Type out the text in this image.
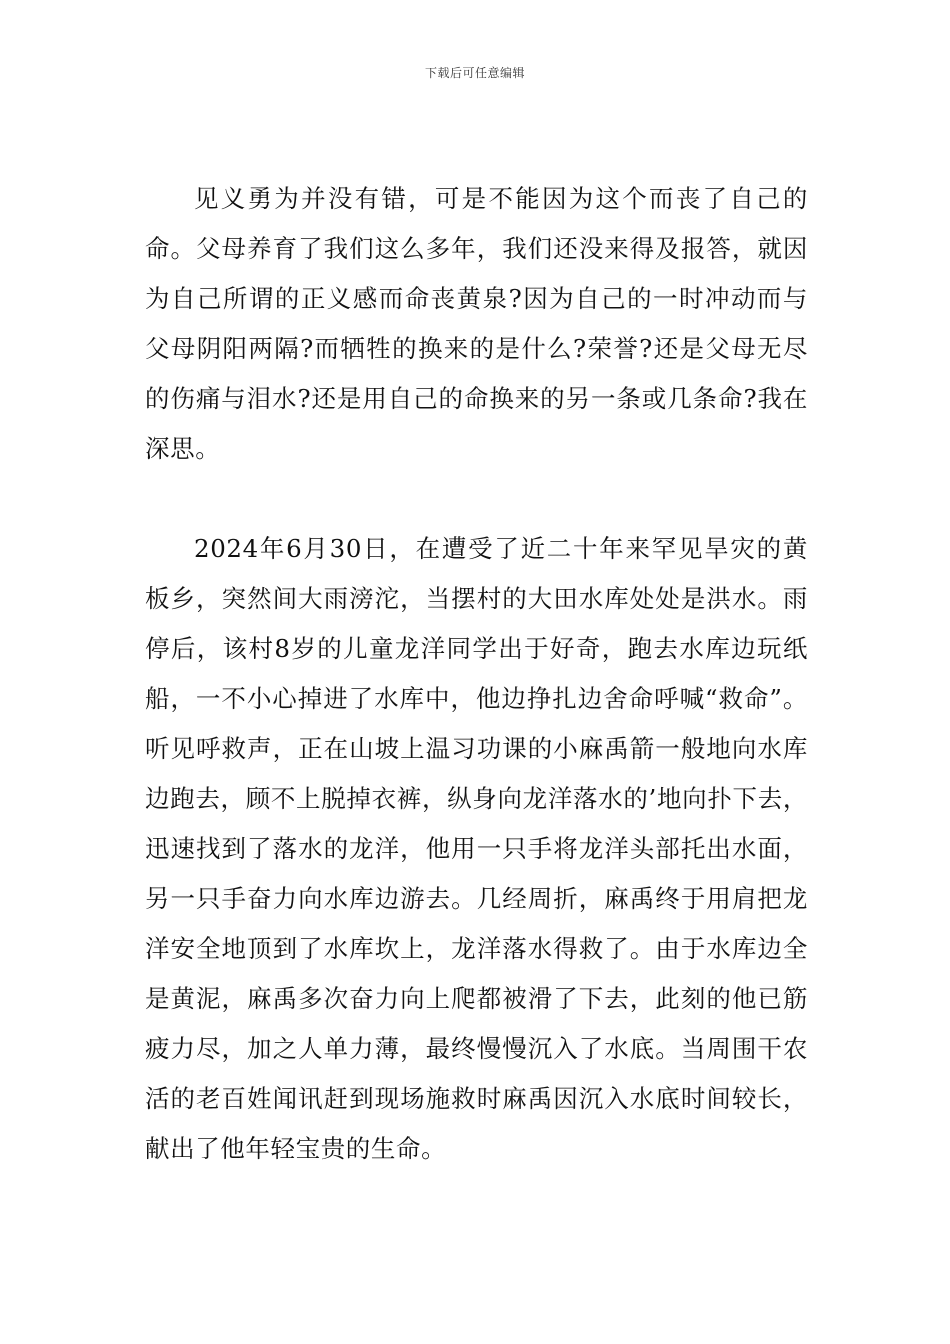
下载后可任意编辑

见义勇为并没有错，可是不能因为这个而丧了自己的命。父母养育了我们这么多年，我们还没来得及报答，就因为自己所谓的正义感而命丧黄泉?因为自己的一时冲动而与父母阴阳两隔?而牺牲的换来的是什么?荣誉?还是父母无尽的伤痛与泪水?还是用自己的命换来的另一条或几条命?我在深思。

2024年6月30日，在遭受了近二十年来罕见旱灾的黄板乡，突然间大雨滂沱，当摆村的大田水库处处是洪水。雨停后，该村8岁的儿童龙洋同学出于好奇，跑去水库边玩纸船，一不小心掉进了水库中，他边挣扎边舍命呼喊“救命”。听见呼救声，正在山坡上温习功课的小麻禹箭一般地向水库边跑去，顾不上脱掉衣裤，纵身向龙洋落水的’地向扑下去，迅速找到了落水的龙洋，他用一只手将龙洋头部托出水面，另一只手奋力向水库边游去。几经周折，麻禹终于用肩把龙洋安全地顶到了水库坎上，龙洋落水得救了。由于水库边全是黄泥，麻禹多次奋力向上爬都被滑了下去，此刻的他已筋疲力尽，加之人单力薄，最终慢慢沉入了水底。当周围干农活的老百姓闻讯赶到现场施救时麻禹因沉入水底时间较长，献出了他年轻宝贵的生命。
